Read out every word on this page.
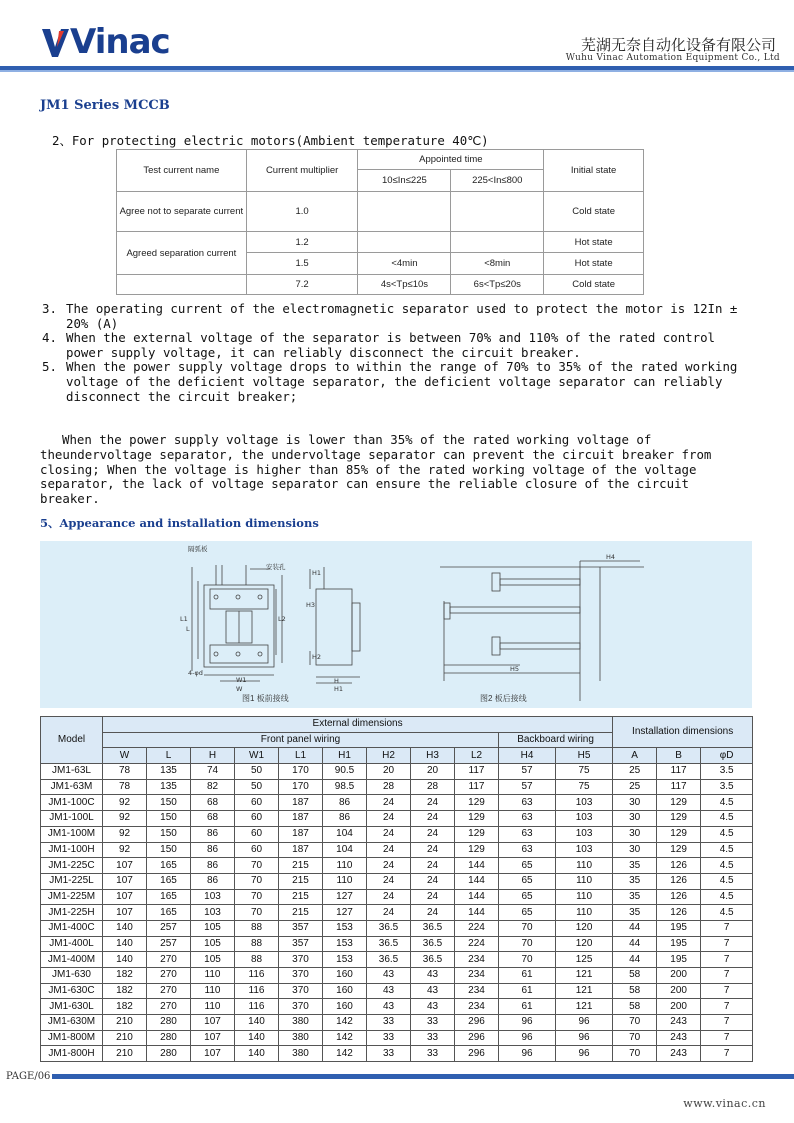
Vinac	芜湖无奈自动化设备有限公司
Wuhu Vinac Automation Equipment Co., Ltd
JM1 Series MCCB
2、For protecting electric motors(Ambient temperature 40℃)
Test current name	Current multiplier	Appointed time		Initial state
		10≤In≤225	225<In≤800	
Agree not to separate current	1.0			Cold state
Agreed separation current	1.2			Hot state
	1.5	<4min	<8min	Hot state
	7.2	4s<Tp≤10s	6s<Tp≤20s	Cold state
3. The operating current of the electromagnetic separator used to protect the motor is 12In ± 20% (A)
4. When the external voltage of the separator is between 70% and 110% of the rated control power supply voltage, it can reliably disconnect the circuit breaker.
5. When the power supply voltage drops to within the range of 70% to 35% of the rated working voltage of the deficient voltage separator, the deficient voltage separator can reliably disconnect the circuit breaker;
When the power supply voltage is lower than 35% of the rated working voltage of theundervoltage separator, the undervoltage separator can prevent the circuit breaker from closing; When the voltage is higher than 85% of the rated working voltage of the voltage separator, the lack of voltage separator can ensure the reliable closure of the circuit breaker.
5、Appearance and installation dimensions
隔弧板
安装孔
L1
L
L2
W1
W
4-φd
H1
H2
H
H1
H3
H4
H5
图1 板前接线	图2 板后接线
Model	External dimensions											Installation dimensions		
	Front panel wiring									Backboard wiring				
	W	L	H	W1	L1	H1	H2	H3	L2	H4	H5	A	B	φD
JM1-63L	78	135	74	50	170	90.5	20	20	117	57	75	25	117	3.5
JM1-63M	78	135	82	50	170	98.5	28	28	117	57	75	25	117	3.5
JM1-100C	92	150	68	60	187	86	24	24	129	63	103	30	129	4.5
JM1-100L	92	150	68	60	187	86	24	24	129	63	103	30	129	4.5
JM1-100M	92	150	86	60	187	104	24	24	129	63	103	30	129	4.5
JM1-100H	92	150	86	60	187	104	24	24	129	63	103	30	129	4.5
JM1-225C	107	165	86	70	215	110	24	24	144	65	110	35	126	4.5
JM1-225L	107	165	86	70	215	110	24	24	144	65	110	35	126	4.5
JM1-225M	107	165	103	70	215	127	24	24	144	65	110	35	126	4.5
JM1-225H	107	165	103	70	215	127	24	24	144	65	110	35	126	4.5
JM1-400C	140	257	105	88	357	153	36.5	36.5	224	70	120	44	195	7
JM1-400L	140	257	105	88	357	153	36.5	36.5	224	70	120	44	195	7
JM1-400M	140	270	105	88	370	153	36.5	36.5	234	70	125	44	195	7
JM1-630	182	270	110	116	370	160	43	43	234	61	121	58	200	7
JM1-630C	182	270	110	116	370	160	43	43	234	61	121	58	200	7
JM1-630L	182	270	110	116	370	160	43	43	234	61	121	58	200	7
JM1-630M	210	280	107	140	380	142	33	33	296	96	96	70	243	7
JM1-800M	210	280	107	140	380	142	33	33	296	96	96	70	243	7
JM1-800H	210	280	107	140	380	142	33	33	296	96	96	70	243	7
PAGE/06
www.vinac.cn
